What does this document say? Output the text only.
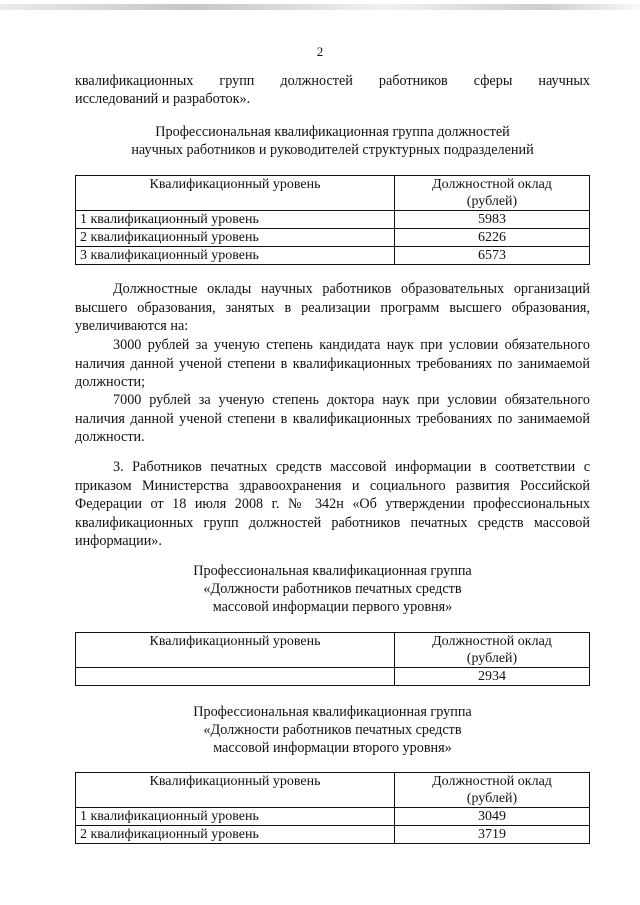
2
квалификационных групп должностей работников сферы научных
исследований и разработок».
Профессиональная квалификационная группа должностей
научных работников и руководителей структурных подразделений
Квалификационный уровень	Должностной оклад
(рублей)

1 квалификационный уровень	5983
2 квалификационный уровень	6226
3 квалификационный уровень	6573
Должностные оклады научных работников образовательных организаций высшего образования, занятых в реализации программ высшего образования, увеличиваются на:
3000 рублей за ученую степень кандидата наук при условии обязательного наличия данной ученой степени в квалификационных требованиях по занимаемой должности;
7000 рублей за ученую степень доктора наук при условии обязательного наличия данной ученой степени в квалификационных требованиях по занимаемой должности.
3. Работников печатных средств массовой информации в соответствии с приказом Министерства здравоохранения и социального развития Российской Федерации от 18 июля 2008 г. № 342н «Об утверждении профессиональных квалификационных групп должностей работников печатных средств массовой информации».
Профессиональная квалификационная группа
«Должности работников печатных средств
массовой информации первого уровня»
Квалификационный уровень	Должностной оклад
(рублей)

	2934
Профессиональная квалификационная группа
«Должности работников печатных средств
массовой информации второго уровня»
Квалификационный уровень	Должностной оклад
(рублей)

1 квалификационный уровень	3049
2 квалификационный уровень	3719
